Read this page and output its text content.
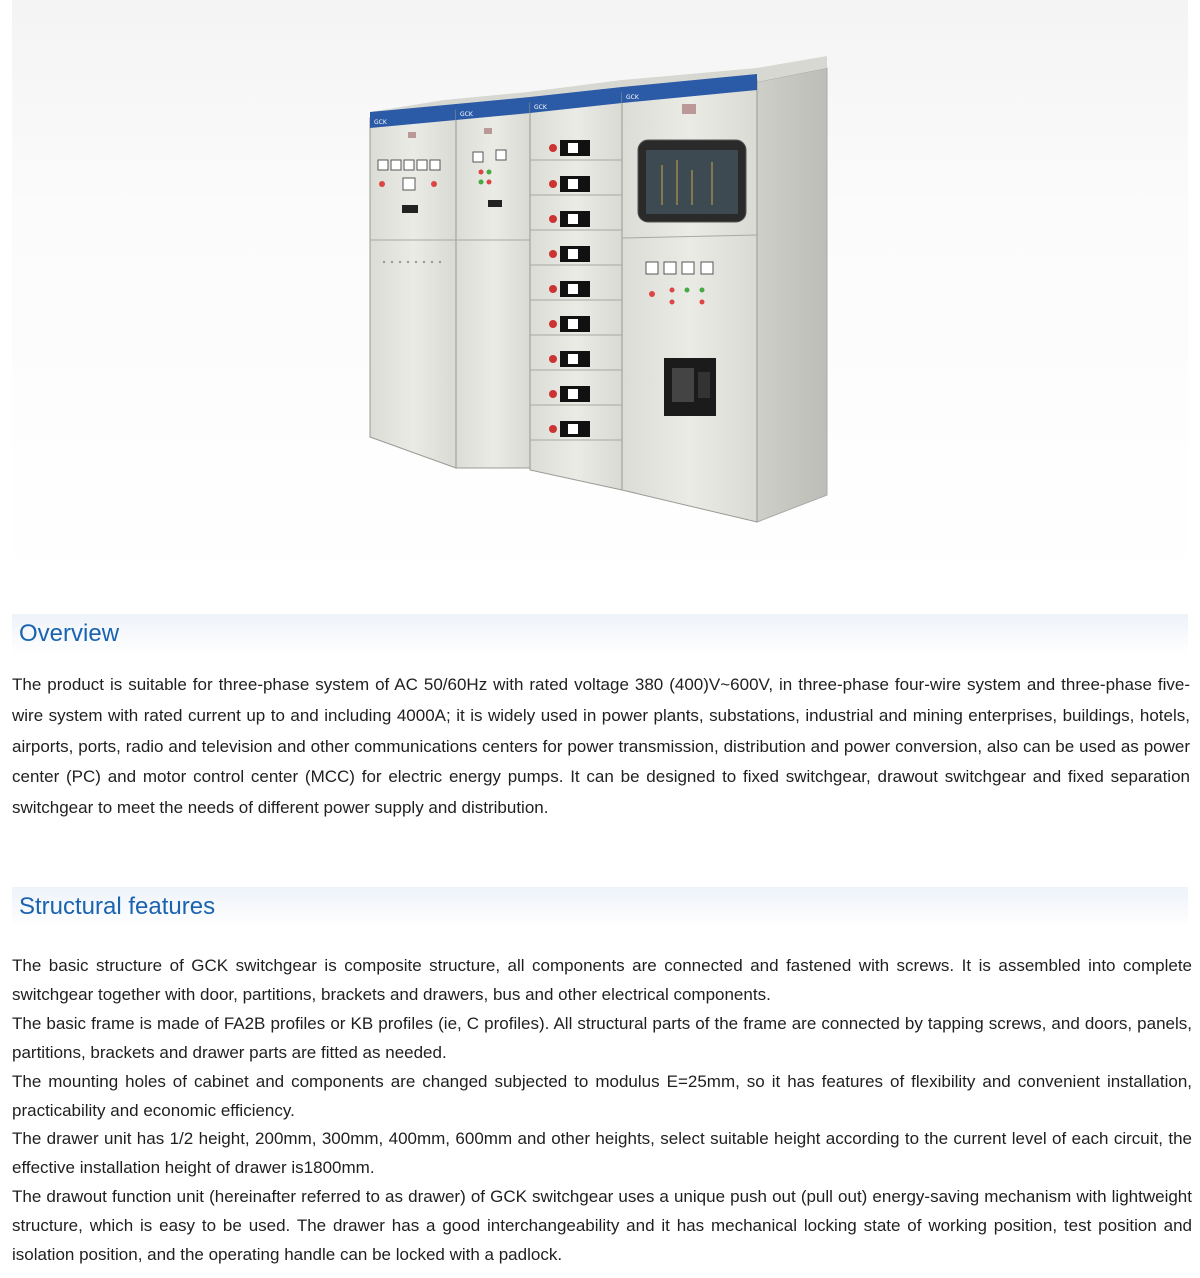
GCK
GCK
GCK
GCK
Overview

The product is suitable for three-phase system of AC 50/60Hz with rated voltage 380 (400)V~600V, in three-phase four-wire system and three-phase five-wire system with rated current up to and including 4000A; it is widely used in power plants, substations, industrial and mining enterprises, buildings, hotels, airports, ports, radio and television and other communications centers for power transmission, distribution and power conversion, also can be used as power center (PC) and motor control center (MCC) for electric energy pumps. It can be designed to fixed switchgear, drawout switchgear and fixed separation switchgear to meet the needs of different power supply and distribution.

Structural features

The basic structure of GCK switchgear is composite structure, all components are connected and fastened with screws. It is assembled into complete switchgear together with door, partitions, brackets and drawers, bus and other electrical components.

The basic frame is made of FA2B profiles or KB profiles (ie, C profiles). All structural parts of the frame are connected by tapping screws, and doors, panels, partitions, brackets and drawer parts are fitted as needed.

The mounting holes of cabinet and components are changed subjected to modulus E=25mm, so it has features of flexibility and convenient installation, practicability and economic efficiency.

The drawer unit has 1/2 height, 200mm, 300mm, 400mm, 600mm and other heights, select suitable height according to the current level of each circuit, the effective installation height of drawer is1800mm.

The drawout function unit (hereinafter referred to as drawer) of GCK switchgear uses a unique push out (pull out) energy-saving mechanism with lightweight structure, which is easy to be used. The drawer has a good interchangeability and it has mechanical locking state of working position, test position and isolation position, and the operating handle can be locked with a padlock.
